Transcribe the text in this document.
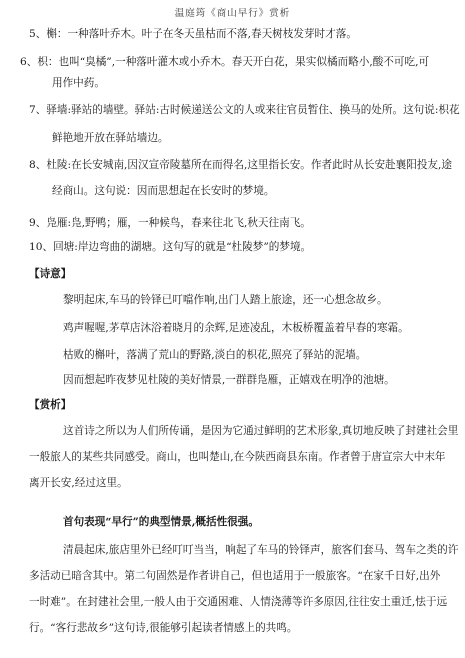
温庭筠《商山早行》赏析
5、槲：一种落叶乔木。叶子在冬天虽枯而不落,春天树枝发芽时才落。
6、枳：也叫“臭橘”,一种落叶灌木或小乔木。春天开白花，果实似橘而略小,酸不可吃,可
用作中药。
7、驿墙:驿站的墙壁。驿站:古时候递送公文的人或来往官员暂住、换马的处所。这句说:枳花
鲜艳地开放在驿站墙边。
8、杜陵:在长安城南,因汉宣帝陵墓所在而得名,这里指长安。作者此时从长安赴襄阳投友,途
经商山。这句说：因而思想起在长安时的梦境。
9、凫雁:凫,野鸭；雁，一种候鸟，春来往北飞,秋天往南飞。
10、回塘:岸边弯曲的湖塘。这句写的就是“杜陵梦”的梦境。
【诗意】
黎明起床,车马的铃铎已叮噹作响,出门人踏上旅途，还一心想念故乡。
鸡声喔喔,茅草店沐浴着晓月的余辉,足迹凌乱，木板桥覆盖着早春的寒霜。
枯败的槲叶，落满了荒山的野路,淡白的枳花,照亮了驿站的泥墙。
因而想起昨夜梦见杜陵的美好情景,一群群凫雁，正嬉戏在明净的池塘。
【赏析】
这首诗之所以为人们所传诵，是因为它通过鲜明的艺术形象,真切地反映了封建社会里
一般旅人的某些共同感受。商山，也叫楚山,在今陕西商县东南。作者曾于唐宣宗大中末年
离开长安,经过这里。
首句表现“早行”的典型情景,概括性很强。
清晨起床,旅店里外已经叮叮当当，响起了车马的铃铎声，旅客们套马、驾车之类的许
多活动已暗含其中。第二句固然是作者讲自己，但也适用于一般旅客。“在家千日好,出外
一时难”。在封建社会里,一般人由于交通困难、人情浇薄等许多原因,往往安土重迁,怯于远
行。“客行悲故乡”这句诗,很能够引起读者情感上的共鸣。
